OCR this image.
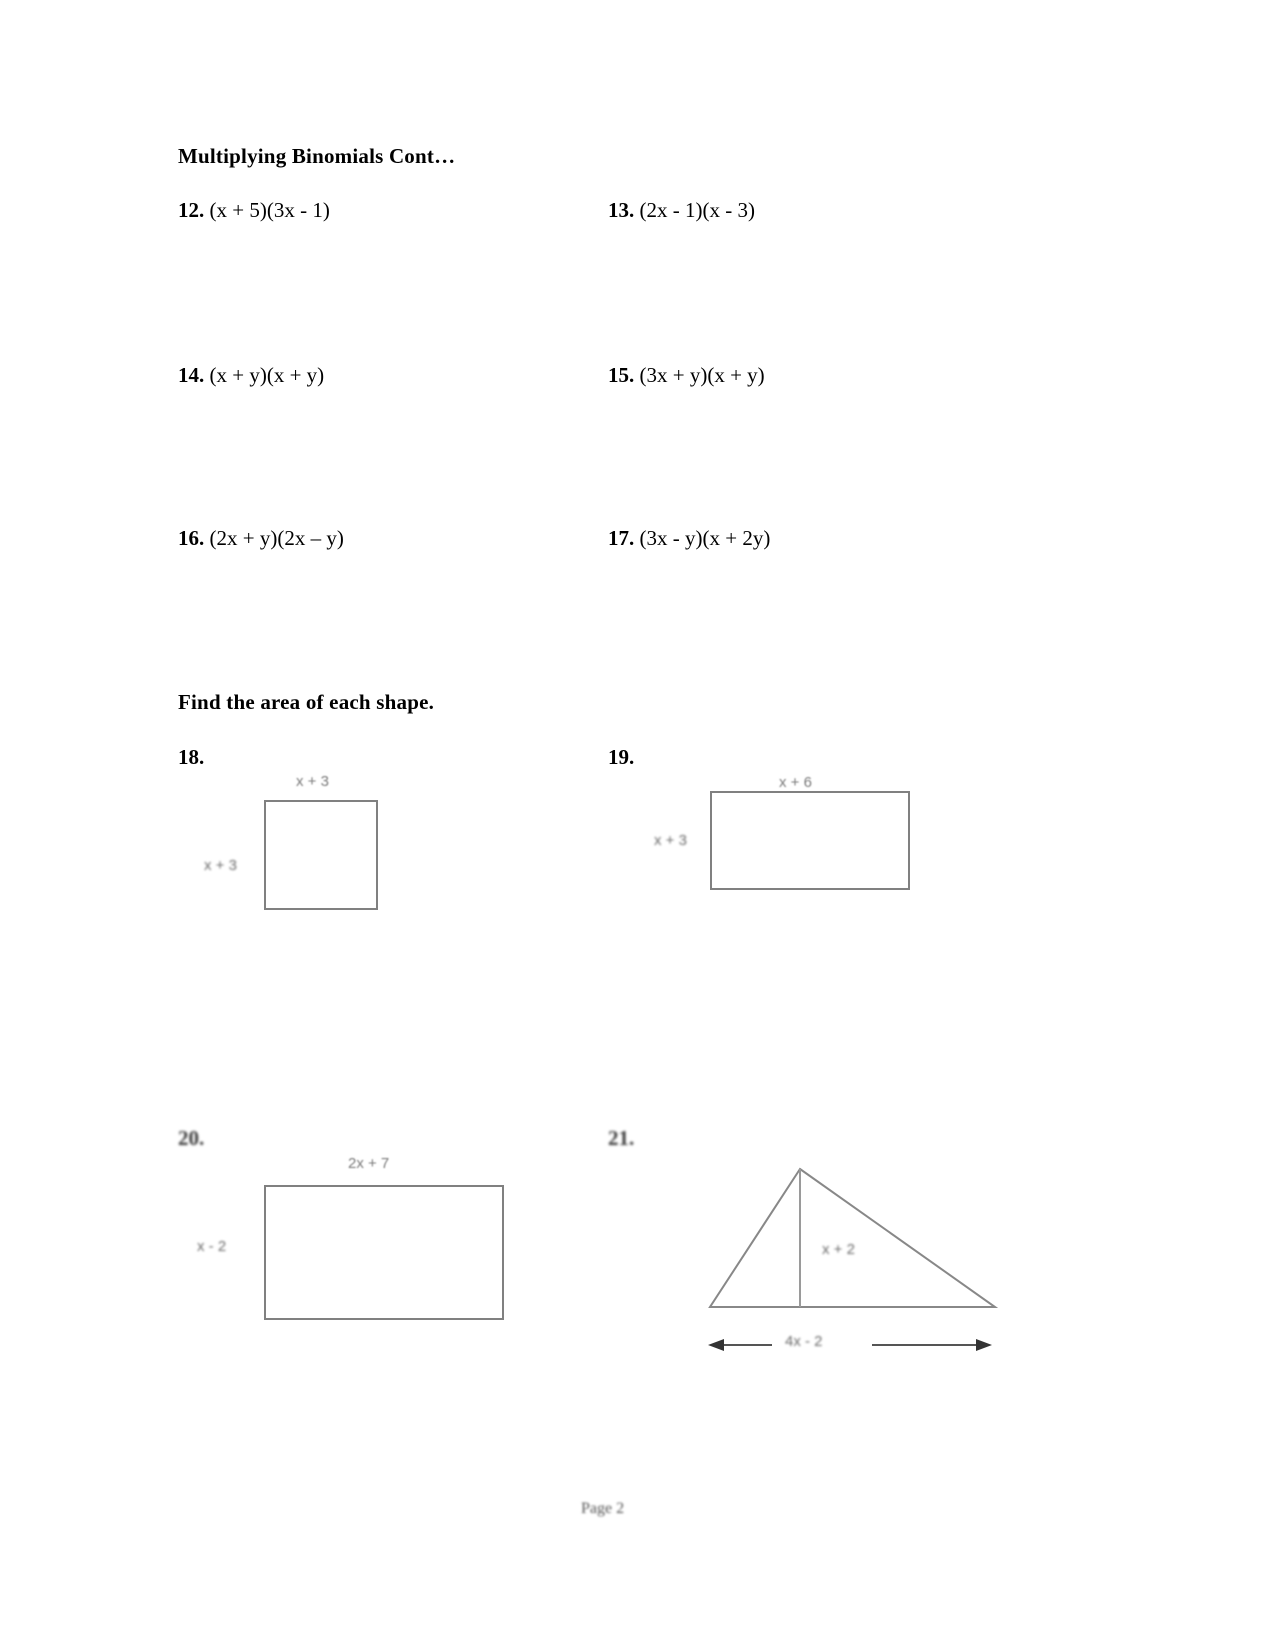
Multiplying Binomials Cont…
12. (x + 5)(3x - 1)	13. (2x - 1)(x - 3)
14. (x + y)(x + y)	15. (3x + y)(x + y)
16. (2x + y)(2x – y)	17. (3x - y)(x + 2y)
Find the area of each shape.
18.
x + 3
x + 3
19.
x + 6
x + 3
20.
2x + 7
x - 2
21.
x + 2
4x - 2
Page 2
